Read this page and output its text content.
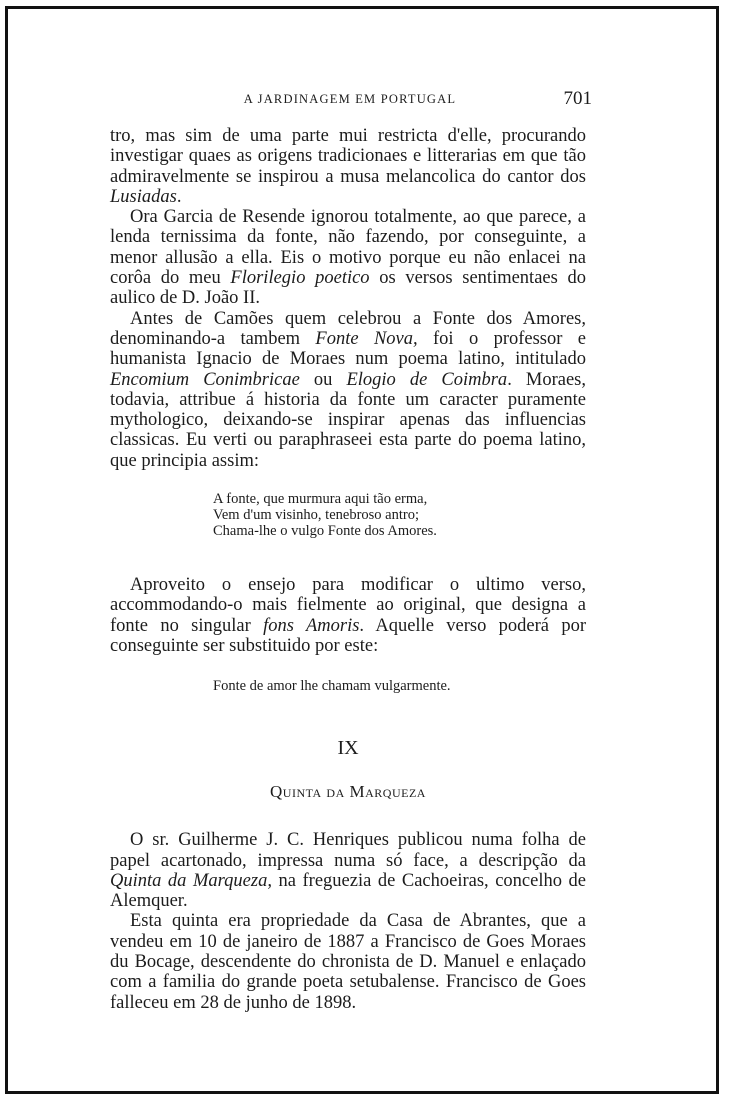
A JARDINAGEM EM PORTUGAL	701

tro, mas sim de uma parte mui restricta d'elle, procurando investigar quaes as origens tradicionaes e litterarias em que tão admiravelmente se inspirou a musa melancolica do cantor dos Lusiadas.

Ora Garcia de Resende ignorou totalmente, ao que parece, a lenda ternissima da fonte, não fazendo, por conseguinte, a menor allusão a ella. Eis o motivo porque eu não enlacei na corôa do meu Florilegio poetico os versos sentimentaes do aulico de D. João II.

Antes de Camões quem celebrou a Fonte dos Amores, denominando-a tambem Fonte Nova, foi o professor e humanista Ignacio de Moraes num poema latino, intitulado Encomium Conimbricae ou Elogio de Coimbra. Moraes, todavia, attribue á historia da fonte um caracter puramente mythologico, deixando-se inspirar apenas das influencias classicas. Eu verti ou paraphraseei esta parte do poema latino, que principia assim:

A fonte, que murmura aqui tão erma,
Vem d'um visinho, tenebroso antro;
Chama-lhe o vulgo Fonte dos Amores.

Aproveito o ensejo para modificar o ultimo verso, accommodando-o mais fielmente ao original, que designa a fonte no singular fons Amoris. Aquelle verso poderá por conseguinte ser substituido por este:

Fonte de amor lhe chamam vulgarmente.
IX
Quinta da Marqueza

O sr. Guilherme J. C. Henriques publicou numa folha de papel acartonado, impressa numa só face, a descripção da Quinta da Marqueza, na freguezia de Cachoeiras, concelho de Alemquer.

Esta quinta era propriedade da Casa de Abrantes, que a vendeu em 10 de janeiro de 1887 a Francisco de Goes Moraes du Bocage, descendente do chronista de D. Manuel e enlaçado com a familia do grande poeta setubalense. Francisco de Goes falleceu em 28 de junho de 1898.
